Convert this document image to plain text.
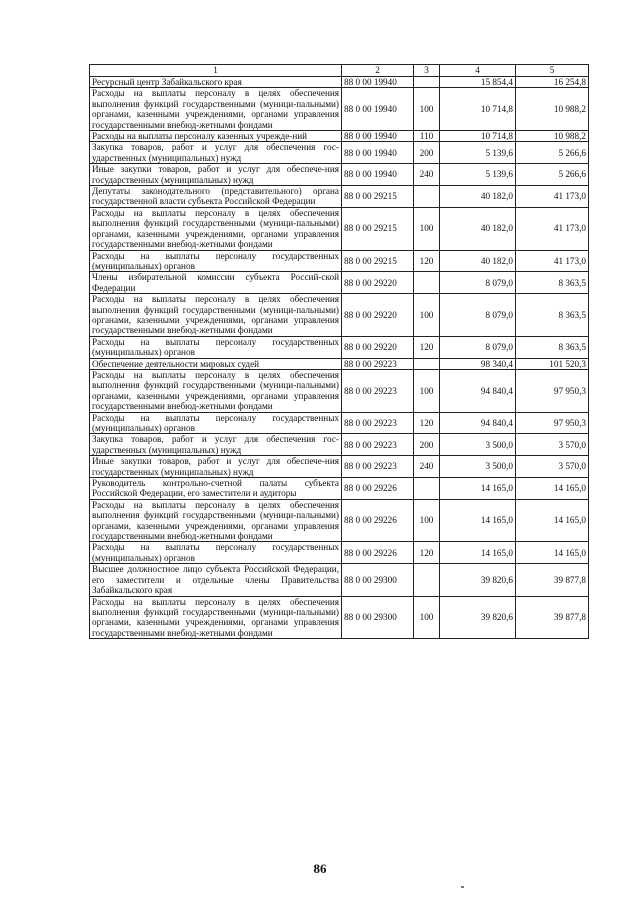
1	2	3	4	5
Ресурсный центр Забайкальского края	88 0 00 19940		15 854,4	16 254,8
Расходы на выплаты персоналу в целях обеспечения выполнения функций государственными (муници-пальными) органами, казенными учреждениями, органами управления государственными внебюд-жетными фондами	88 0 00 19940	100	10 714,8	10 988,2
Расходы на выплаты персоналу казенных учрежде-ний	88 0 00 19940	110	10 714,8	10 988,2
Закупка товаров, работ и услуг для обеспечения гос-ударственных (муниципальных) нужд	88 0 00 19940	200	5 139,6	5 266,6
Иные закупки товаров, работ и услуг для обеспече-ния государственных (муниципальных) нужд	88 0 00 19940	240	5 139,6	5 266,6
Депутаты законодательного (представительного) органа государственной власти субъекта Российской Федерации	88 0 00 29215		40 182,0	41 173,0
Расходы на выплаты персоналу в целях обеспечения выполнения функций государственными (муници-пальными) органами, казенными учреждениями, органами управления государственными внебюд-жетными фондами	88 0 00 29215	100	40 182,0	41 173,0
Расходы на выплаты персоналу государственных (муниципальных) органов	88 0 00 29215	120	40 182,0	41 173,0
Члены избирательной комиссии субъекта Россий-ской Федерации	88 0 00 29220		8 079,0	8 363,5
Расходы на выплаты персоналу в целях обеспечения выполнения функций государственными (муници-пальными) органами, казенными учреждениями, органами управления государственными внебюд-жетными фондами	88 0 00 29220	100	8 079,0	8 363,5
Расходы на выплаты персоналу государственных (муниципальных) органов	88 0 00 29220	120	8 079,0	8 363,5
Обеспечение деятельности мировых судей	88 0 00 29223		98 340,4	101 520,3
Расходы на выплаты персоналу в целях обеспечения выполнения функций государственными (муници-пальными) органами, казенными учреждениями, органами управления государственными внебюд-жетными фондами	88 0 00 29223	100	94 840,4	97 950,3
Расходы на выплаты персоналу государственных (муниципальных) органов	88 0 00 29223	120	94 840,4	97 950,3
Закупка товаров, работ и услуг для обеспечения гос-ударственных (муниципальных) нужд	88 0 00 29223	200	3 500,0	3 570,0
Иные закупки товаров, работ и услуг для обеспече-ния государственных (муниципальных) нужд	88 0 00 29223	240	3 500,0	3 570,0
Руководитель контрольно-счетной палаты субъекта Российской Федерации, его заместители и аудиторы	88 0 00 29226		14 165,0	14 165,0
Расходы на выплаты персоналу в целях обеспечения выполнения функций государственными (муници-пальными) органами, казенными учреждениями, органами управления государственными внебюд-жетными фондами	88 0 00 29226	100	14 165,0	14 165,0
Расходы на выплаты персоналу государственных (муниципальных) органов	88 0 00 29226	120	14 165,0	14 165,0
Высшее должностное лицо субъекта Российской Федерации, его заместители и отдельные члены Правительства Забайкальского края	88 0 00 29300		39 820,6	39 877,8
Расходы на выплаты персоналу в целях обеспечения выполнения функций государственными (муници-пальными) органами, казенными учреждениями, органами управления государственными внебюд-жетными фондами	88 0 00 29300	100	39 820,6	39 877,8
86
